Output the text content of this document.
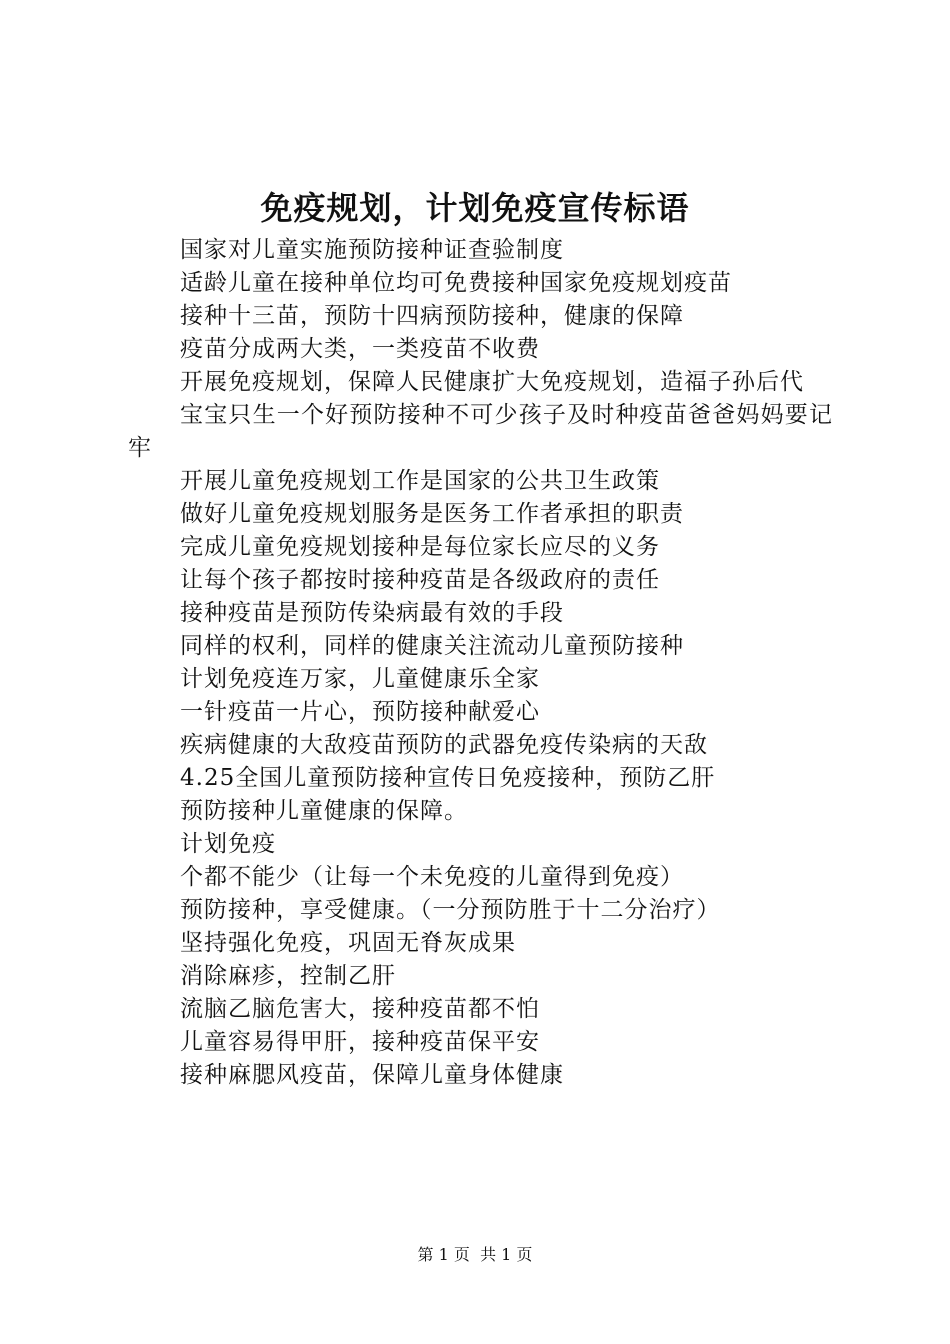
免疫规划，计划免疫宣传标语

国家对儿童实施预防接种证查验制度

适龄儿童在接种单位均可免费接种国家免疫规划疫苗

接种十三苗，预防十四病预防接种，健康的保障

疫苗分成两大类，一类疫苗不收费

开展免疫规划，保障人民健康扩大免疫规划，造福子孙后代

宝宝只生一个好预防接种不可少孩子及时种疫苗爸爸妈妈要记牢

开展儿童免疫规划工作是国家的公共卫生政策

做好儿童免疫规划服务是医务工作者承担的职责

完成儿童免疫规划接种是每位家长应尽的义务

让每个孩子都按时接种疫苗是各级政府的责任

接种疫苗是预防传染病最有效的手段

同样的权利，同样的健康关注流动儿童预防接种

计划免疫连万家，儿童健康乐全家

一针疫苗一片心，预防接种献爱心

疾病健康的大敌疫苗预防的武器免疫传染病的天敌

4.25全国儿童预防接种宣传日免疫接种，预防乙肝

预防接种儿童健康的保障。

计划免疫

个都不能少（让每一个未免疫的儿童得到免疫）

预防接种，享受健康。（一分预防胜于十二分治疗）

坚持强化免疫，巩固无脊灰成果

消除麻疹，控制乙肝

流脑乙脑危害大，接种疫苗都不怕

儿童容易得甲肝，接种疫苗保平安

接种麻腮风疫苗，保障儿童身体健康

第 1 页  共 1 页
